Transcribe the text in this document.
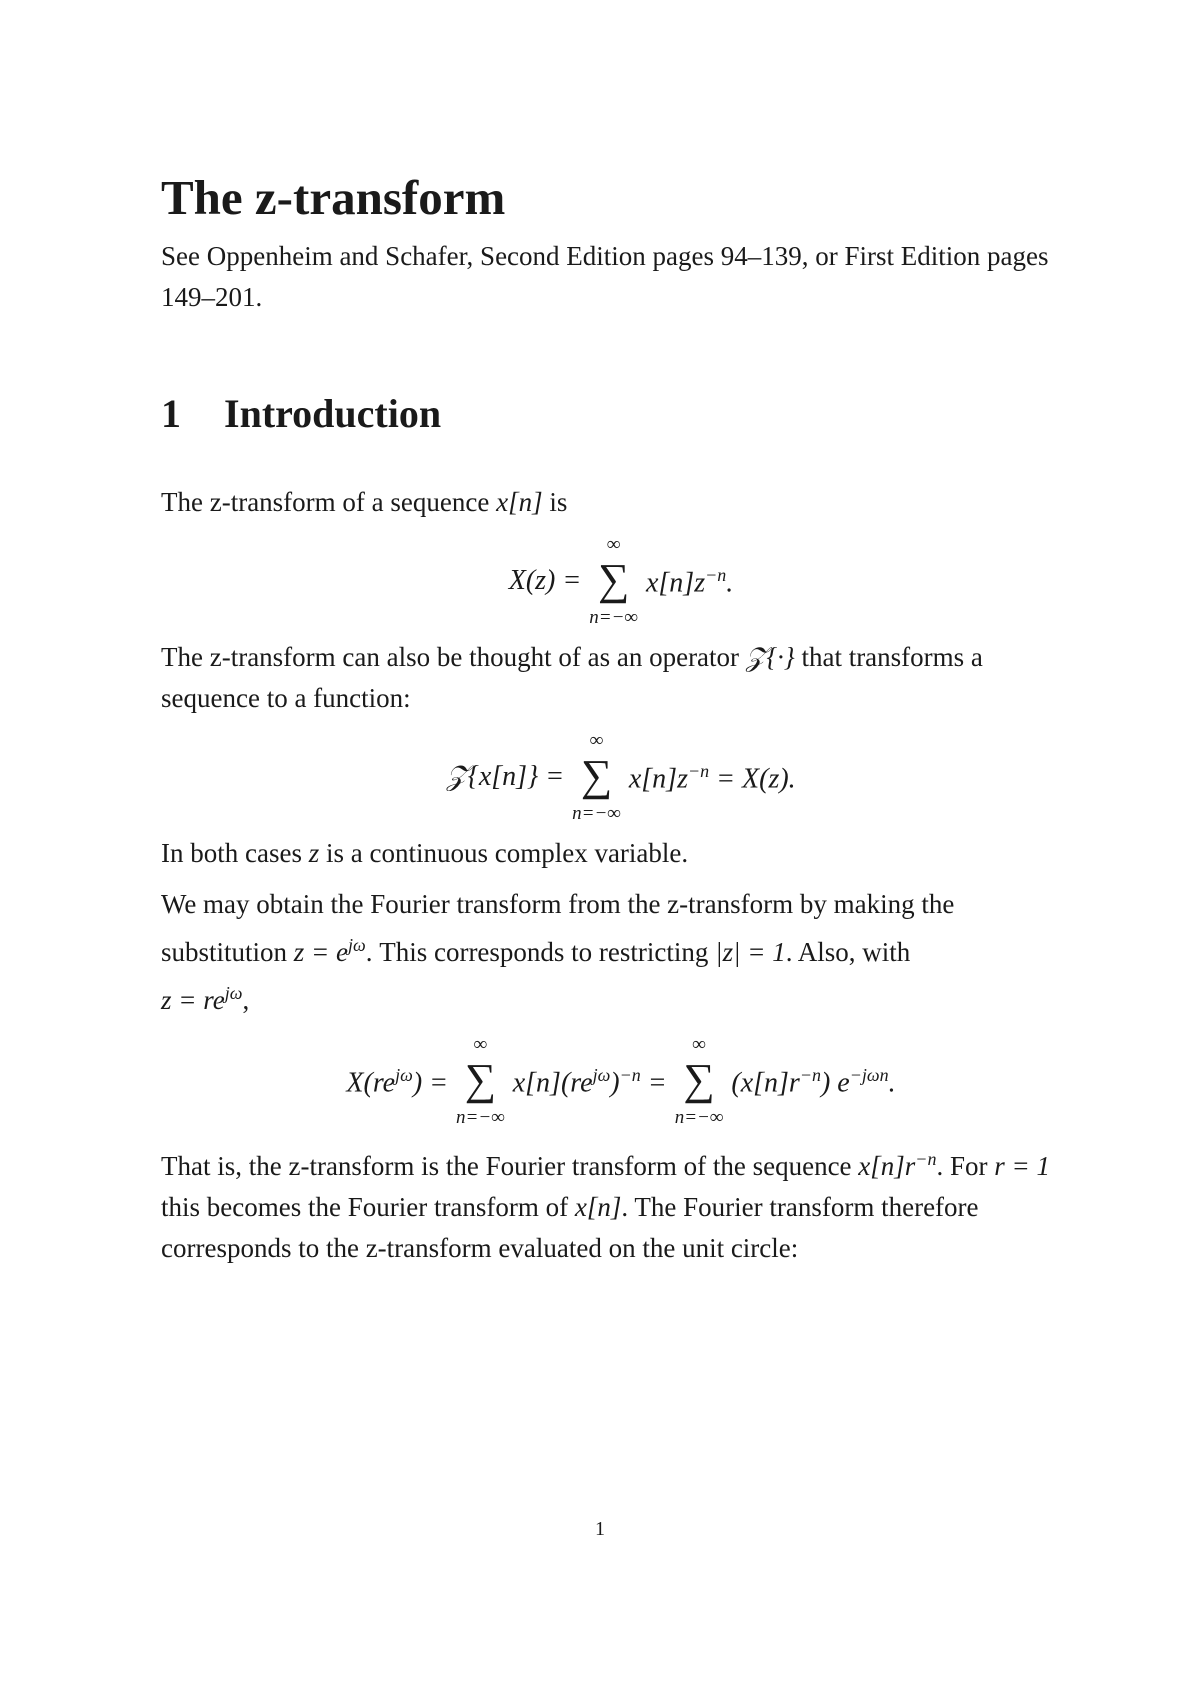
The z-transform

See Oppenheim and Schafer, Second Edition pages 94–139, or First Edition pages 149–201.

1 Introduction

The z-transform of a sequence x[n] is

X(z) =
∞
∑
n=−∞
$x[n]z^{-n}$.

The z-transform can also be thought of as an operator 𝒵{·} that transforms a sequence to a function:

𝒵{x[n]} =
∞
∑
n=−∞
$x[n]z^{-n} = X(z)$.

In both cases z is a continuous complex variable.

We may obtain the Fourier transform from the z-transform by making the substitution $z = e^{j\omega}$. This corresponds to restricting |z| = 1. Also, with
$z = re^{j\omega}$,

$X(re^{j\omega})$ =
∞
∑
n=−∞
$x[n](re^{j\omega})^{-n}$ =
∞
∑
n=−∞
$(x[n]r^{-n})$ $e^{-j\omega n}$.

That is, the z-transform is the Fourier transform of the sequence $x[n]r^{-n}$. For r = 1 this becomes the Fourier transform of x[n]. The Fourier transform therefore corresponds to the z-transform evaluated on the unit circle:

1
